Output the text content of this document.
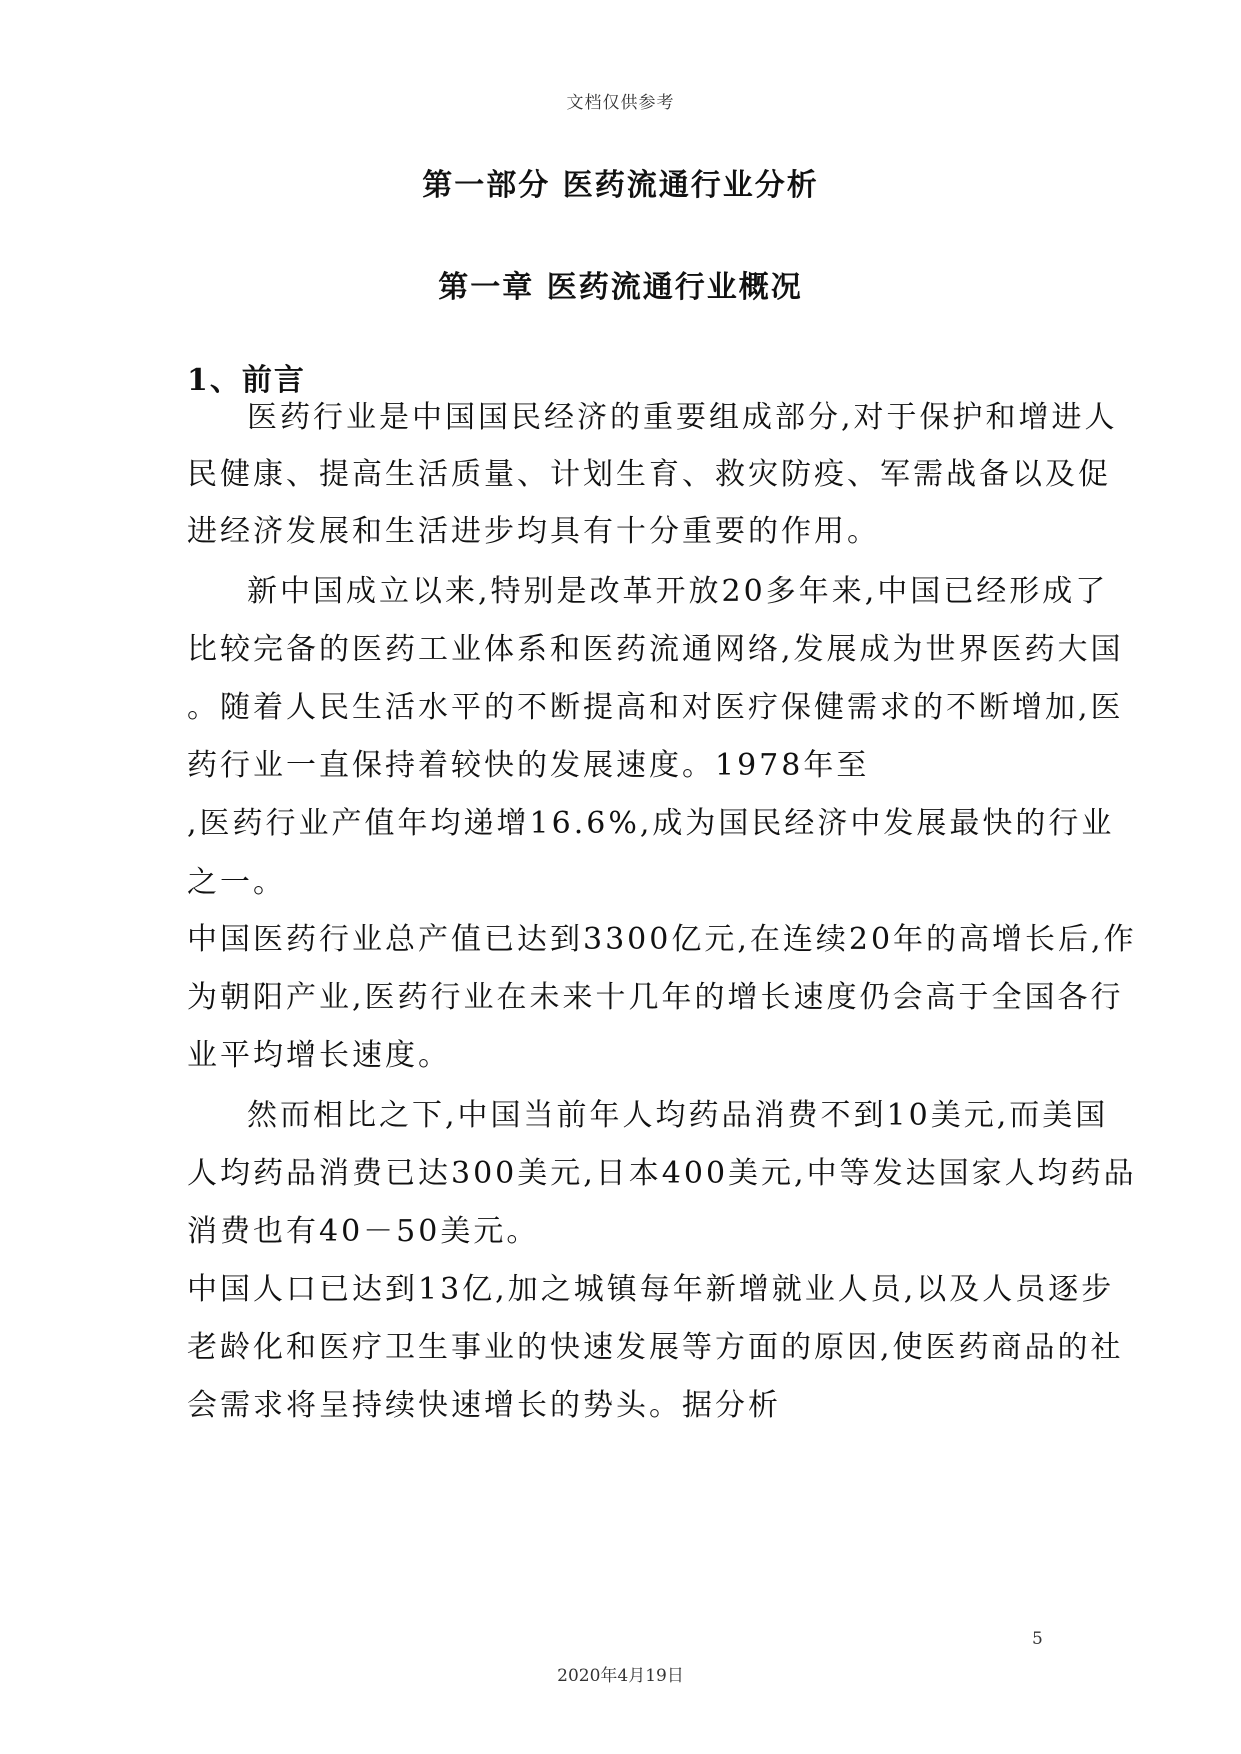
文档仅供参考
第一部分 医药流通行业分析
第一章 医药流通行业概况
1、前言
医药行业是中国国民经济的重要组成部分,对于保护和增进人
民健康、提高生活质量、计划生育、救灾防疫、军需战备以及促
进经济发展和生活进步均具有十分重要的作用。
新中国成立以来,特别是改革开放20多年来,中国已经形成了
比较完备的医药工业体系和医药流通网络,发展成为世界医药大国
。随着人民生活水平的不断提高和对医疗保健需求的不断增加,医
药行业一直保持着较快的发展速度。1978年至
,医药行业产值年均递增16.6%,成为国民经济中发展最快的行业
之一。
中国医药行业总产值已达到3300亿元,在连续20年的高增长后,作
为朝阳产业,医药行业在未来十几年的增长速度仍会高于全国各行
业平均增长速度。
然而相比之下,中国当前年人均药品消费不到10美元,而美国
人均药品消费已达300美元,日本400美元,中等发达国家人均药品
消费也有40－50美元。
中国人口已达到13亿,加之城镇每年新增就业人员,以及人员逐步
老龄化和医疗卫生事业的快速发展等方面的原因,使医药商品的社
会需求将呈持续快速增长的势头。据分析
5
2020年4月19日
